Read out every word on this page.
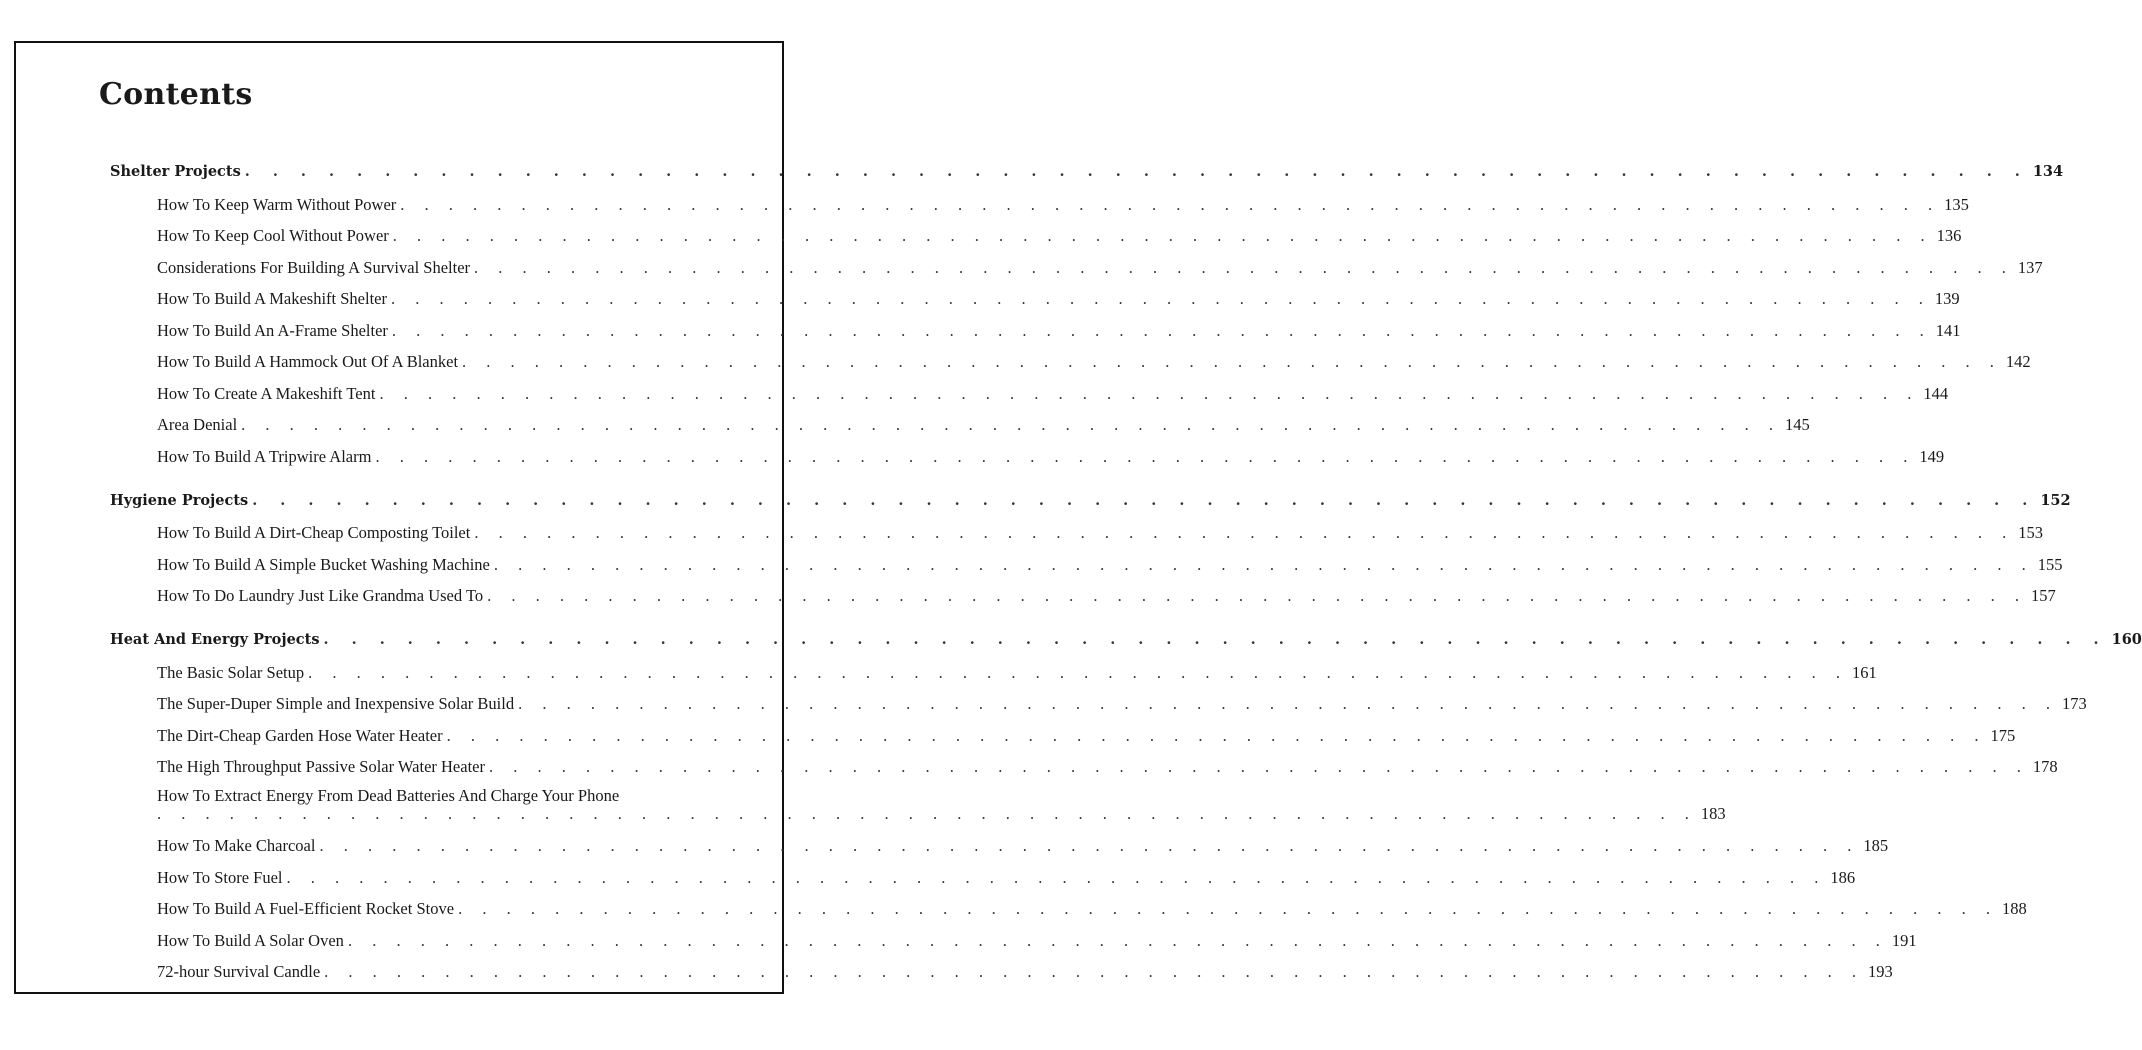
Contents
Shelter Projects . . . . . . . . . . . . . . . . . . . . . . . . . . . . . . . . . . . . . . . . . . . . . . . . . . . . . . . . . . . . . . . . 134
How To Keep Warm Without Power . . . . . . . . . . . . . . . . . . . . . . . . . . . . . . . . . . . . . . . . . . . . . . . . . . . . . . . . . . . . . . . . 135
How To Keep Cool Without Power . . . . . . . . . . . . . . . . . . . . . . . . . . . . . . . . . . . . . . . . . . . . . . . . . . . . . . . . . . . . . . . . 136
Considerations For Building A Survival Shelter . . . . . . . . . . . . . . . . . . . . . . . . . . . . . . . . . . . . . . . . . . . . . . . . . . . . . . . . . . . . . . . . 137
How To Build A Makeshift Shelter . . . . . . . . . . . . . . . . . . . . . . . . . . . . . . . . . . . . . . . . . . . . . . . . . . . . . . . . . . . . . . . . 139
How To Build An A-Frame Shelter . . . . . . . . . . . . . . . . . . . . . . . . . . . . . . . . . . . . . . . . . . . . . . . . . . . . . . . . . . . . . . . . 141
How To Build A Hammock Out Of A Blanket . . . . . . . . . . . . . . . . . . . . . . . . . . . . . . . . . . . . . . . . . . . . . . . . . . . . . . . . . . . . . . . . 142
How To Create A Makeshift Tent . . . . . . . . . . . . . . . . . . . . . . . . . . . . . . . . . . . . . . . . . . . . . . . . . . . . . . . . . . . . . . . . 144
Area Denial . . . . . . . . . . . . . . . . . . . . . . . . . . . . . . . . . . . . . . . . . . . . . . . . . . . . . . . . . . . . . . . . 145
How To Build A Tripwire Alarm . . . . . . . . . . . . . . . . . . . . . . . . . . . . . . . . . . . . . . . . . . . . . . . . . . . . . . . . . . . . . . . . 149
Hygiene Projects . . . . . . . . . . . . . . . . . . . . . . . . . . . . . . . . . . . . . . . . . . . . . . . . . . . . . . . . . . . . . . . . 152
How To Build A Dirt-Cheap Composting Toilet . . . . . . . . . . . . . . . . . . . . . . . . . . . . . . . . . . . . . . . . . . . . . . . . . . . . . . . . . . . . . . . . 153
How To Build A Simple Bucket Washing Machine . . . . . . . . . . . . . . . . . . . . . . . . . . . . . . . . . . . . . . . . . . . . . . . . . . . . . . . . . . . . . . . . 155
How To Do Laundry Just Like Grandma Used To . . . . . . . . . . . . . . . . . . . . . . . . . . . . . . . . . . . . . . . . . . . . . . . . . . . . . . . . . . . . . . . . 157
Heat And Energy Projects . . . . . . . . . . . . . . . . . . . . . . . . . . . . . . . . . . . . . . . . . . . . . . . . . . . . . . . . . . . . . . . . 160
The Basic Solar Setup . . . . . . . . . . . . . . . . . . . . . . . . . . . . . . . . . . . . . . . . . . . . . . . . . . . . . . . . . . . . . . . . 161
The Super-Duper Simple and Inexpensive Solar Build . . . . . . . . . . . . . . . . . . . . . . . . . . . . . . . . . . . . . . . . . . . . . . . . . . . . . . . . . . . . . . . . 173
The Dirt-Cheap Garden Hose Water Heater . . . . . . . . . . . . . . . . . . . . . . . . . . . . . . . . . . . . . . . . . . . . . . . . . . . . . . . . . . . . . . . . 175
The High Throughput Passive Solar Water Heater . . . . . . . . . . . . . . . . . . . . . . . . . . . . . . . . . . . . . . . . . . . . . . . . . . . . . . . . . . . . . . . . 178
How To Extract Energy From Dead Batteries And Charge Your Phone
. . . . . . . . . . . . . . . . . . . . . . . . . . . . . . . . . . . . . . . . . . . . . . . . . . . . . . . . . . . . . . . . 183
How To Make Charcoal . . . . . . . . . . . . . . . . . . . . . . . . . . . . . . . . . . . . . . . . . . . . . . . . . . . . . . . . . . . . . . . . 185
How To Store Fuel . . . . . . . . . . . . . . . . . . . . . . . . . . . . . . . . . . . . . . . . . . . . . . . . . . . . . . . . . . . . . . . . 186
How To Build A Fuel-Efficient Rocket Stove . . . . . . . . . . . . . . . . . . . . . . . . . . . . . . . . . . . . . . . . . . . . . . . . . . . . . . . . . . . . . . . . 188
How To Build A Solar Oven . . . . . . . . . . . . . . . . . . . . . . . . . . . . . . . . . . . . . . . . . . . . . . . . . . . . . . . . . . . . . . . . 191
72-hour Survival Candle . . . . . . . . . . . . . . . . . . . . . . . . . . . . . . . . . . . . . . . . . . . . . . . . . . . . . . . . . . . . . . . . 193
